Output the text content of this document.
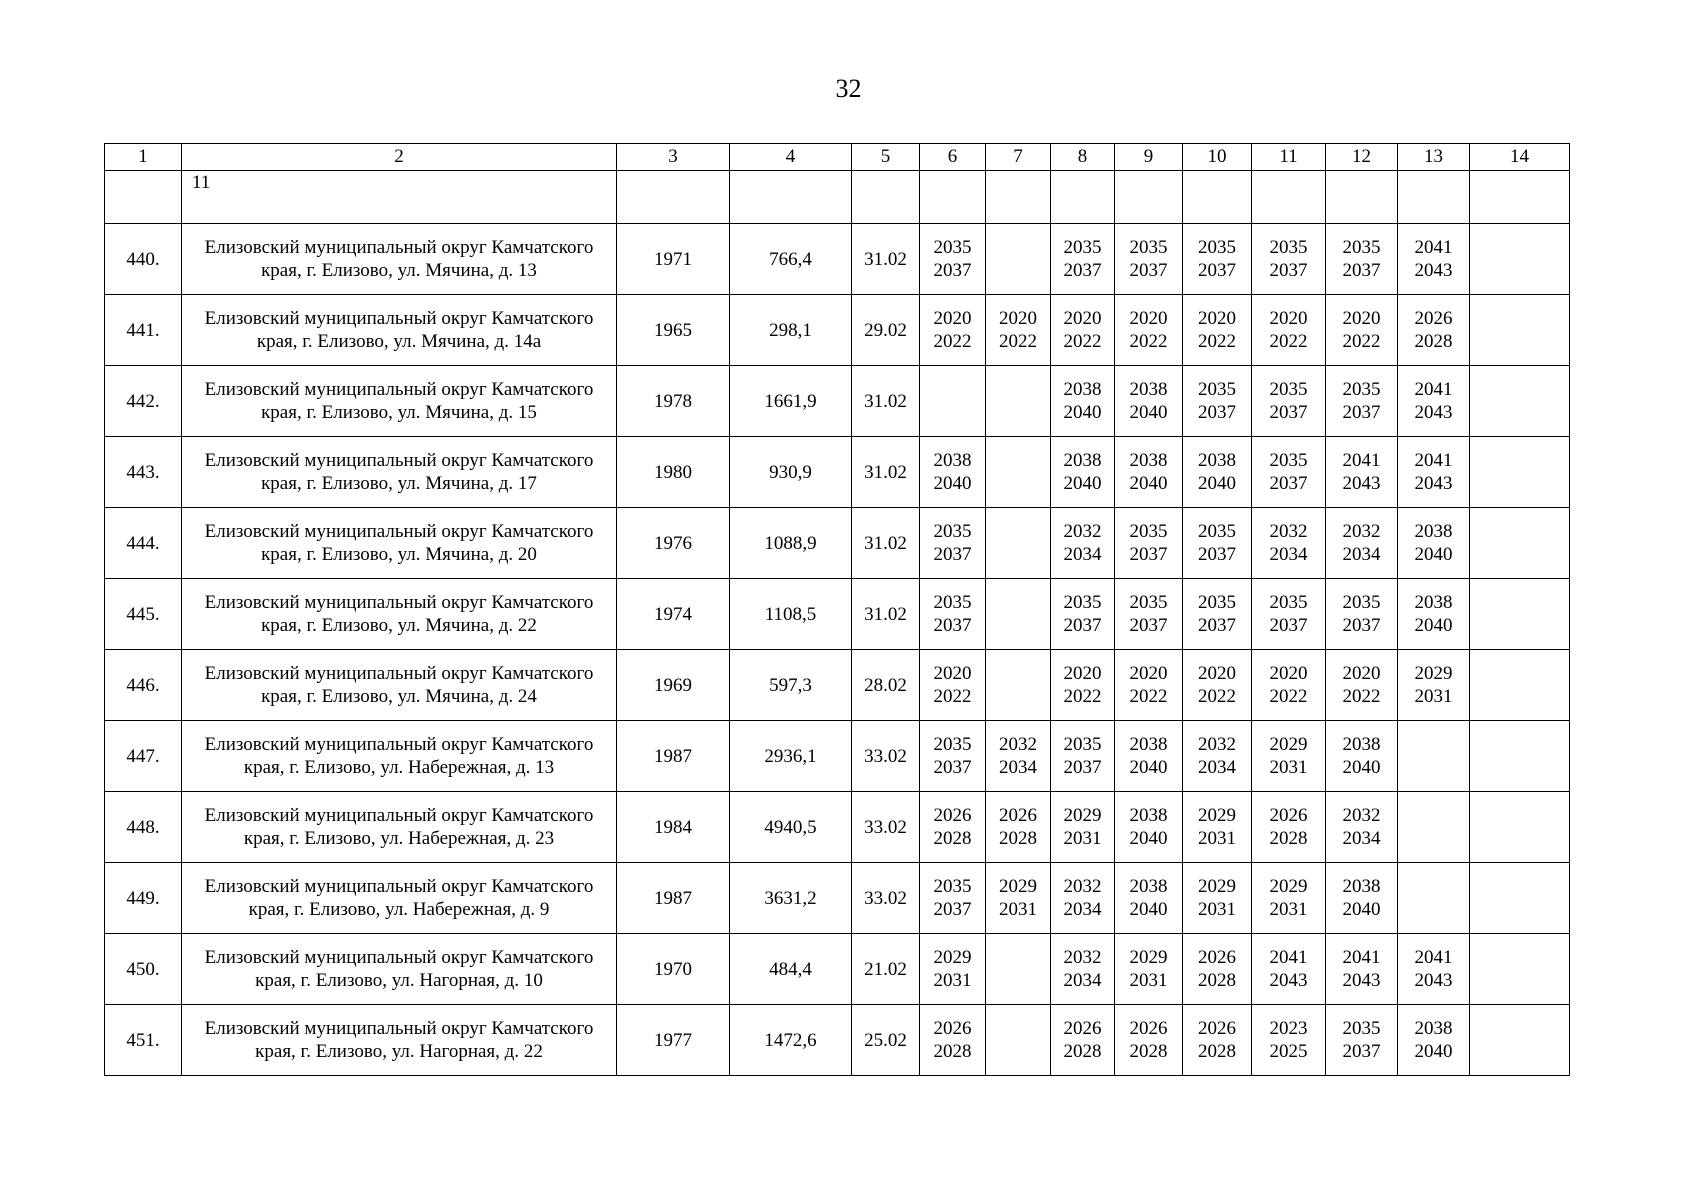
32
1	2	3	4	5	6	7	8	9	10	11	12	13	14
	11												
440.	Елизовский муниципальный округ Камчатского края, г. Елизово, ул. Мячина, д. 13	1971	766,4	31.02	2035
2037		2035
2037	2035
2037	2035
2037	2035
2037	2035
2037	2041
2043	

441.	Елизовский муниципальный округ Камчатского края, г. Елизово, ул. Мячина, д. 14а	1965	298,1	29.02	2020
2022	2020
2022	2020
2022	2020
2022	2020
2022	2020
2022	2020
2022	2026
2028	

442.	Елизовский муниципальный округ Камчатского края, г. Елизово, ул. Мячина, д. 15	1978	1661,9	31.02			2038
2040	2038
2040	2035
2037	2035
2037	2035
2037	2041
2043	

443.	Елизовский муниципальный округ Камчатского края, г. Елизово, ул. Мячина, д. 17	1980	930,9	31.02	2038
2040		2038
2040	2038
2040	2038
2040	2035
2037	2041
2043	2041
2043	

444.	Елизовский муниципальный округ Камчатского края, г. Елизово, ул. Мячина, д. 20	1976	1088,9	31.02	2035
2037		2032
2034	2035
2037	2035
2037	2032
2034	2032
2034	2038
2040	

445.	Елизовский муниципальный округ Камчатского края, г. Елизово, ул. Мячина, д. 22	1974	1108,5	31.02	2035
2037		2035
2037	2035
2037	2035
2037	2035
2037	2035
2037	2038
2040	

446.	Елизовский муниципальный округ Камчатского края, г. Елизово, ул. Мячина, д. 24	1969	597,3	28.02	2020
2022		2020
2022	2020
2022	2020
2022	2020
2022	2020
2022	2029
2031	

447.	Елизовский муниципальный округ Камчатского края, г. Елизово, ул. Набережная, д. 13	1987	2936,1	33.02	2035
2037	2032
2034	2035
2037	2038
2040	2032
2034	2029
2031	2038
2040		

448.	Елизовский муниципальный округ Камчатского края, г. Елизово, ул. Набережная, д. 23	1984	4940,5	33.02	2026
2028	2026
2028	2029
2031	2038
2040	2029
2031	2026
2028	2032
2034		

449.	Елизовский муниципальный округ Камчатского края, г. Елизово, ул. Набережная, д. 9	1987	3631,2	33.02	2035
2037	2029
2031	2032
2034	2038
2040	2029
2031	2029
2031	2038
2040		

450.	Елизовский муниципальный округ Камчатского края, г. Елизово, ул. Нагорная, д. 10	1970	484,4	21.02	2029
2031		2032
2034	2029
2031	2026
2028	2041
2043	2041
2043	2041
2043	

451.	Елизовский муниципальный округ Камчатского края, г. Елизово, ул. Нагорная, д. 22	1977	1472,6	25.02	2026
2028		2026
2028	2026
2028	2026
2028	2023
2025	2035
2037	2038
2040	
